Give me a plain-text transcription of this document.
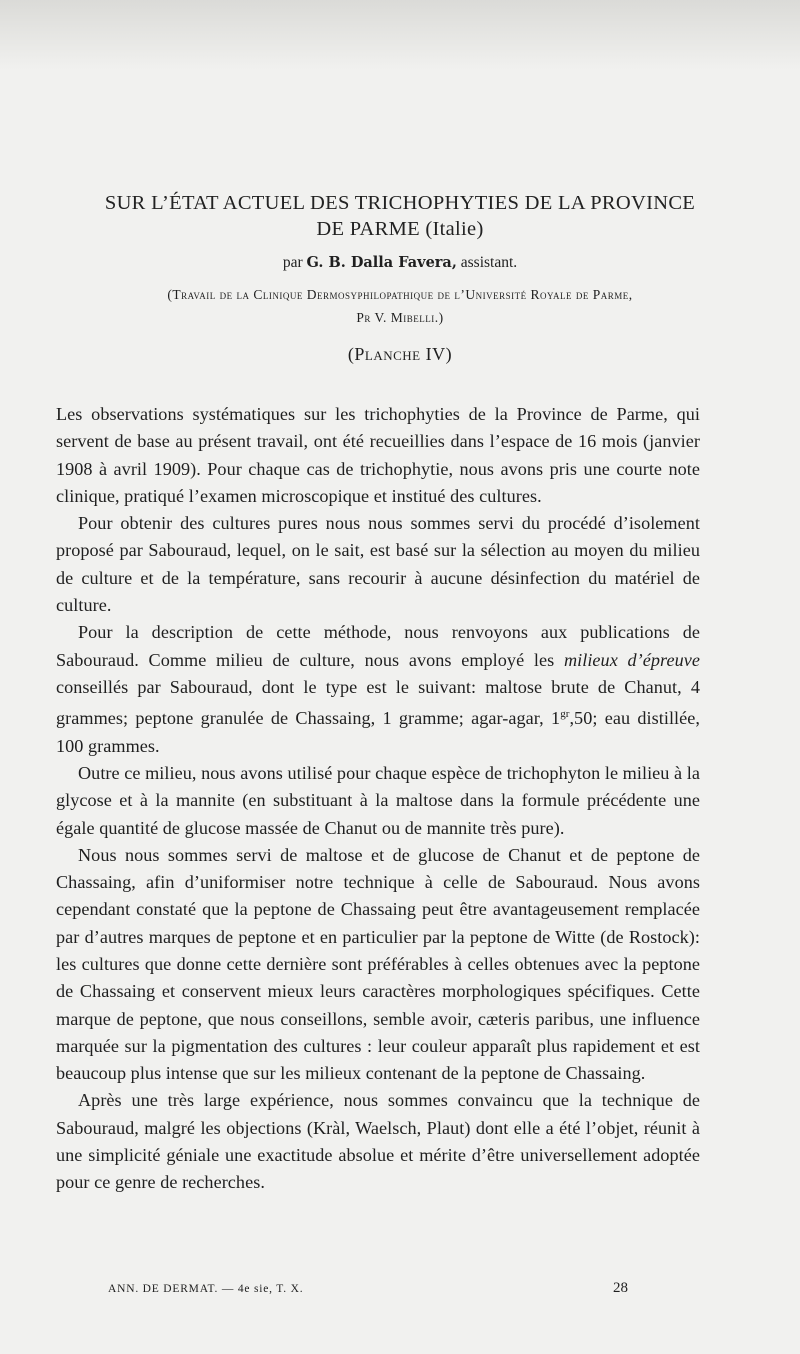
SUR L’ÉTAT ACTUEL DES TRICHOPHYTIES DE LA PROVINCE
DE PARME (Italie)
par G. B. Dalla Favera, assistant.
(Travail de la Clinique Dermosyphilopathique de l’Université Royale de Parme,
Pr V. Mibelli.)
(Planche IV)

Les observations systématiques sur les trichophyties de la Province de Parme, qui servent de base au présent travail, ont été recueillies dans l’espace de 16 mois (janvier 1908 à avril 1909). Pour chaque cas de trichophytie, nous avons pris une courte note clinique, pratiqué l’examen microscopique et institué des cultures.

Pour obtenir des cultures pures nous nous sommes servi du procédé d’isolement proposé par Sabouraud, lequel, on le sait, est basé sur la sélection au moyen du milieu de culture et de la température, sans recourir à aucune désinfection du matériel de culture.

Pour la description de cette méthode, nous renvoyons aux publications de Sabouraud. Comme milieu de culture, nous avons employé les milieux d’épreuve conseillés par Sabouraud, dont le type est le suivant: maltose brute de Chanut, 4 grammes; peptone granulée de Chassaing, 1 gramme; agar-agar, $1^{gr},50$; eau distillée, 100 grammes.

Outre ce milieu, nous avons utilisé pour chaque espèce de trichophyton le milieu à la glycose et à la mannite (en substituant à la maltose dans la formule précédente une égale quantité de glucose massée de Chanut ou de mannite très pure).

Nous nous sommes servi de maltose et de glucose de Chanut et de peptone de Chassaing, afin d’uniformiser notre technique à celle de Sabouraud. Nous avons cependant constaté que la peptone de Chassaing peut être avantageusement remplacée par d’autres marques de peptone et en particulier par la peptone de Witte (de Rostock): les cultures que donne cette dernière sont préférables à celles obtenues avec la peptone de Chassaing et conservent mieux leurs caractères morphologiques spécifiques. Cette marque de peptone, que nous conseillons, semble avoir, cæteris paribus, une influence marquée sur la pigmentation des cultures : leur couleur apparaît plus rapidement et est beaucoup plus intense que sur les milieux contenant de la peptone de Chassaing.

Après une très large expérience, nous sommes convaincu que la technique de Sabouraud, malgré les objections (Kràl, Waelsch, Plaut) dont elle a été l’objet, réunit à une simplicité géniale une exactitude absolue et mérite d’être universellement adoptée pour ce genre de recherches.

ANN. DE DERMAT. — 4e sie, T. X.	28
